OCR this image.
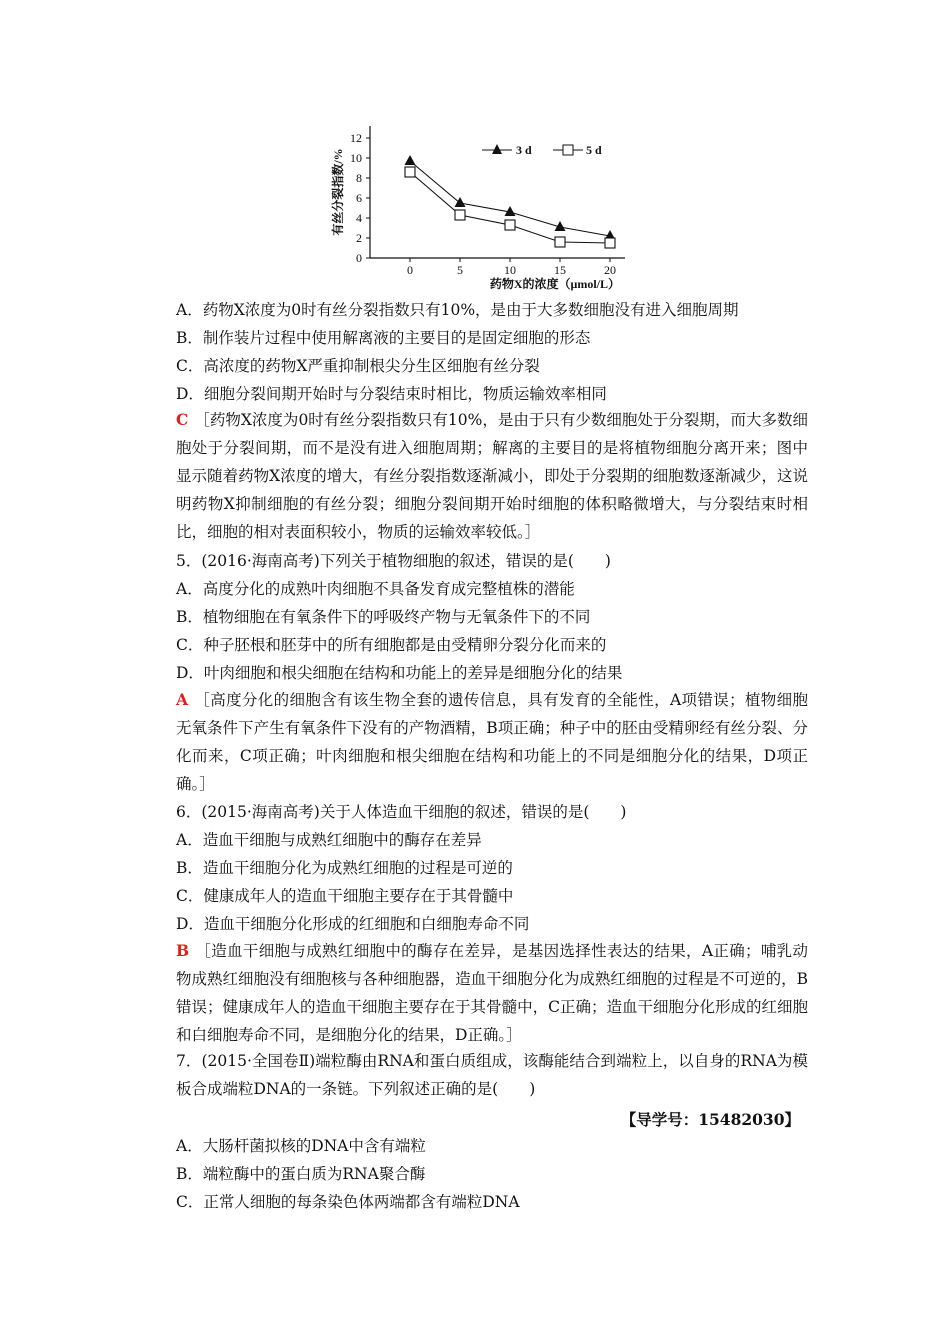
0
2
4
6
8
10
12
0	5	10	15	20
有丝分裂指数/%
药物X的浓度（μmol/L）
3 d	5 d
A．药物X浓度为0时有丝分裂指数只有10%，是由于大多数细胞没有进入细胞周期
B．制作装片过程中使用解离液的主要目的是固定细胞的形态
C．高浓度的药物X严重抑制根尖分生区细胞有丝分裂
D．细胞分裂间期开始时与分裂结束时相比，物质运输效率相同
C ［药物X浓度为0时有丝分裂指数只有10%，是由于只有少数细胞处于分裂期，而大多数细胞处于分裂间期，而不是没有进入细胞周期；解离的主要目的是将植物细胞分离开来；图中显示随着药物X浓度的增大，有丝分裂指数逐渐减小，即处于分裂期的细胞数逐渐减少，这说明药物X抑制细胞的有丝分裂；细胞分裂间期开始时细胞的体积略微增大，与分裂结束时相比，细胞的相对表面积较小，物质的运输效率较低。］
5．(2016·海南高考)下列关于植物细胞的叙述，错误的是(　　)
A．高度分化的成熟叶肉细胞不具备发育成完整植株的潜能
B．植物细胞在有氧条件下的呼吸终产物与无氧条件下的不同
C．种子胚根和胚芽中的所有细胞都是由受精卵分裂分化而来的
D．叶肉细胞和根尖细胞在结构和功能上的差异是细胞分化的结果
A ［高度分化的细胞含有该生物全套的遗传信息，具有发育的全能性，A项错误；植物细胞无氧条件下产生有氧条件下没有的产物酒精，B项正确；种子中的胚由受精卵经有丝分裂、分化而来，C项正确；叶肉细胞和根尖细胞在结构和功能上的不同是细胞分化的结果，D项正确。］
6．(2015·海南高考)关于人体造血干细胞的叙述，错误的是(　　)
A．造血干细胞与成熟红细胞中的酶存在差异
B．造血干细胞分化为成熟红细胞的过程是可逆的
C．健康成年人的造血干细胞主要存在于其骨髓中
D．造血干细胞分化形成的红细胞和白细胞寿命不同
B ［造血干细胞与成熟红细胞中的酶存在差异，是基因选择性表达的结果，A正确；哺乳动物成熟红细胞没有细胞核与各种细胞器，造血干细胞分化为成熟红细胞的过程是不可逆的，B错误；健康成年人的造血干细胞主要存在于其骨髓中，C正确；造血干细胞分化形成的红细胞和白细胞寿命不同，是细胞分化的结果，D正确。］
7．(2015·全国卷Ⅱ)端粒酶由RNA和蛋白质组成，该酶能结合到端粒上，以自身的RNA为模板合成端粒DNA的一条链。下列叙述正确的是(　　)
【导学号：15482030】
A．大肠杆菌拟核的DNA中含有端粒
B．端粒酶中的蛋白质为RNA聚合酶
C．正常人细胞的每条染色体两端都含有端粒DNA
